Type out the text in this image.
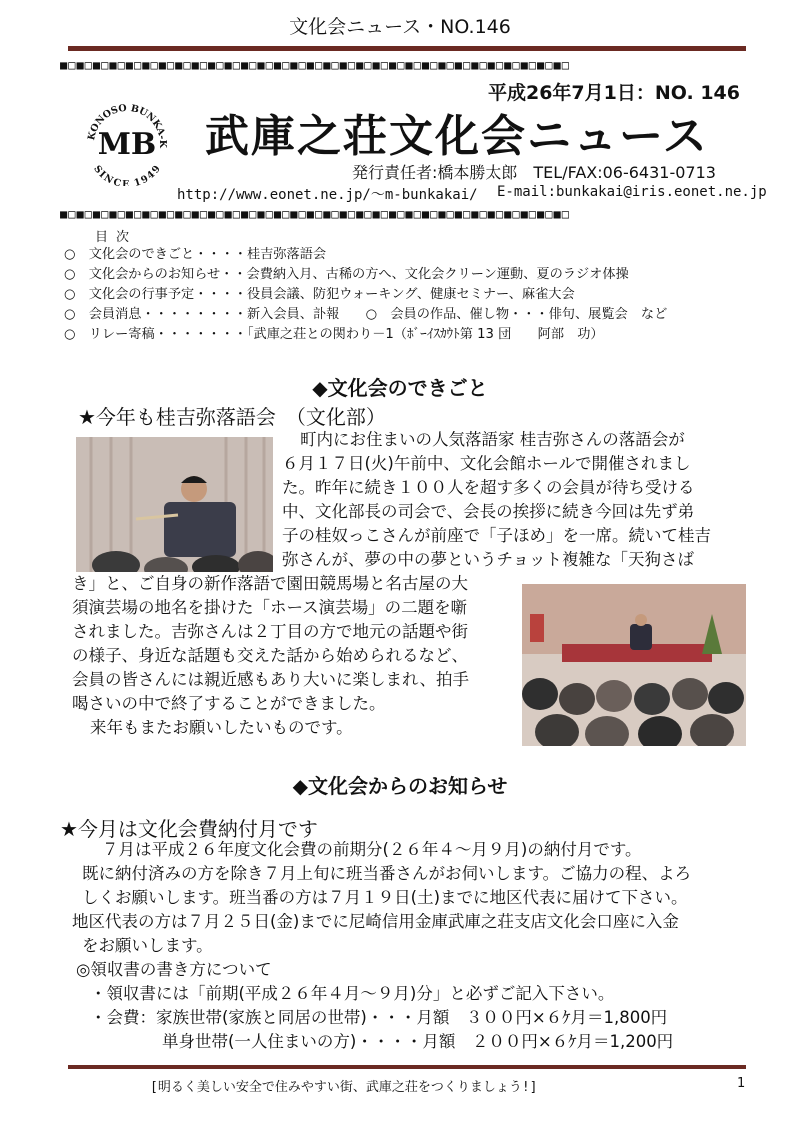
文化会ニュース・NO.146
■□■□■□■□■□■□■□■□■□■□■□■□■□■□■□■□■□■□■□■□■□■□■□■□■□■□■□■□■□■□■□
平成26年7月1日：NO. 146
KONOSO BUNKA-K
SINCE 1949
MB 武庫之荘文化会ニュース
発行責任者:橋本勝太郎　TEL/FAX:06-6431-0713
http://www.eonet.ne.jp/～m-bunkakai/ E-mail:bunkakai@iris.eonet.ne.jp
■□■□■□■□■□■□■□■□■□■□■□■□■□■□■□■□■□■□■□■□■□■□■□■□■□■□■□■□■□■□■□
目次
○　文化会のできごと・・・・桂吉弥落語会
○　文化会からのお知らせ・・会費納入月、古稀の方へ、文化会クリーン運動、夏のラジオ体操
○　文化会の行事予定・・・・役員会議、防犯ウォーキング、健康セミナー、麻雀大会
○　会員消息・・・・・・・・新入会員、訃報　　○　会員の作品、催し物・・・俳句、展覧会　など
○　リレー寄稿・・・・・・・「武庫之荘との関わり－1（ﾎﾞｰｲｽｶｳﾄ第 13 団　　阿部　功）
◆文化会のできごと
★今年も桂吉弥落語会　（文化部）
町内にお住まいの人気落語家 桂吉弥さんの落語会が
６月１７日(火)午前中、文化会館ホールで開催されまし
た。昨年に続き１００人を超す多くの会員が待ち受ける
中、文化部長の司会で、会長の挨拶に続き今回は先ず弟
子の桂奴っこさんが前座で「子ほめ」を一席。続いて桂吉
弥さんが、夢の中の夢というチョット複雑な「天狗さば
き」と、ご自身の新作落語で園田競馬場と名古屋の大
須演芸場の地名を掛けた「ホース演芸場」の二題を噺
されました。吉弥さんは２丁目の方で地元の話題や街
の様子、身近な話題も交えた話から始められるなど、
会員の皆さんには親近感もあり大いに楽しまれ、拍手
喝さいの中で終了することができました。
来年もまたお願いしたいものです。
◆文化会からのお知らせ
★今月は文化会費納付月です
７月は平成２６年度文化会費の前期分(２６年４～月９月)の納付月です。
既に納付済みの方を除き７月上旬に班当番さんがお伺いします。ご協力の程、よろ
しくお願いします。班当番の方は７月１９日(土)までに地区代表に届けて下さい。
地区代表の方は７月２５日(金)までに尼崎信用金庫武庫之荘支店文化会口座に入金
をお願いします。
◎領収書の書き方について
・領収書には「前期(平成２６年４月～９月)分」と必ずご記入下さい。
・会費：家族世帯(家族と同居の世帯)・・・月額　３００円×６ｹ月＝1,800円
単身世帯(一人住まいの方)・・・・月額　２００円×６ｹ月＝1,200円
[明るく美しい安全で住みやすい街、武庫之荘をつくりましょう!]	1
